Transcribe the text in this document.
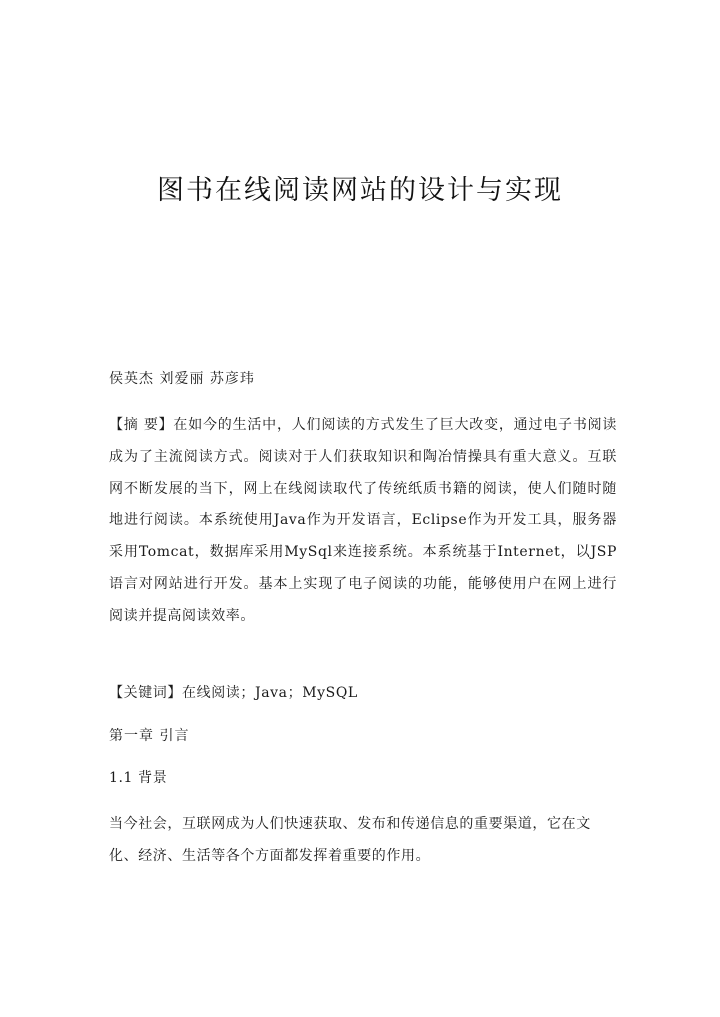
图书在线阅读网站的设计与实现
侯英杰 刘爱丽 苏彦玮
【摘 要】在如今的生活中，人们阅读的方式发生了巨大改变，通过电子书阅读成为了主流阅读方式。阅读对于人们获取知识和陶冶情操具有重大意义。互联网不断发展的当下，网上在线阅读取代了传统纸质书籍的阅读，使人们随时随地进行阅读。本系统使用Java作为开发语言，Eclipse作为开发工具，服务器采用Tomcat，数据库采用MySql来连接系统。本系统基于Internet，以JSP语言对网站进行开发。基本上实现了电子阅读的功能，能够使用户在网上进行阅读并提高阅读效率。
【关键词】在线阅读；Java；MySQL
第一章 引言
1.1 背景
当今社会，互联网成为人们快速获取、发布和传递信息的重要渠道，它在文化、经济、生活等各个方面都发挥着重要的作用。
